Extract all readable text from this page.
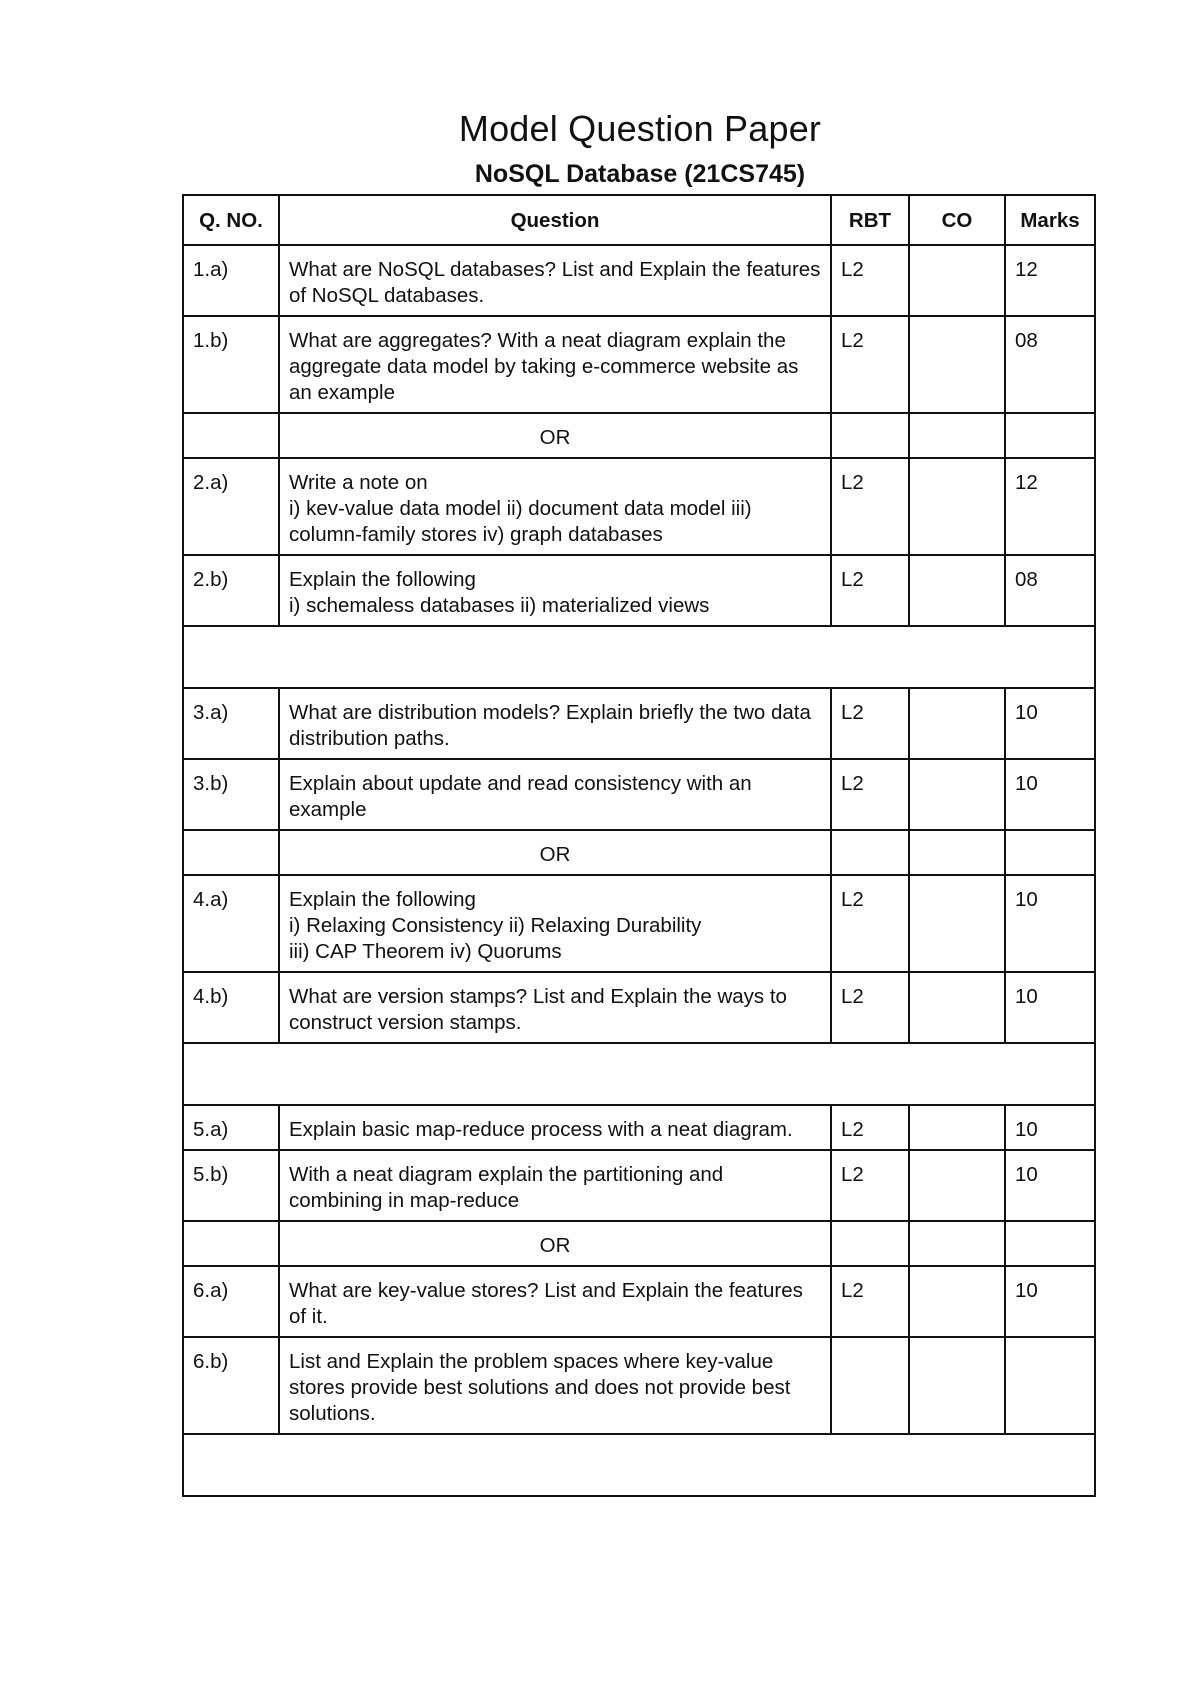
Model Question Paper
NoSQL Database (21CS745)
Q. NO.	Question	RBT	CO	Marks
1.a)	What are NoSQL databases? List and Explain the features of NoSQL databases.	L2		12
1.b)	What are aggregates? With a neat diagram explain the aggregate data model by taking e-commerce website as an example	L2		08
	OR			
2.a)	Write a note on
i) kev-value data model ii) document data model iii) column-family stores iv) graph databases	L2		12
2.b)	Explain the following
i) schemaless databases ii) materialized views	L2		08

3.a)	What are distribution models? Explain briefly the two data distribution paths.	L2		10
3.b)	Explain about update and read consistency with an example	L2		10
	OR			
4.a)	Explain the following
i) Relaxing Consistency ii) Relaxing Durability
iii) CAP Theorem iv) Quorums	L2		10
4.b)	What are version stamps? List and Explain the ways to construct version stamps.	L2		10

5.a)	Explain basic map-reduce process with a neat diagram.	L2		10
5.b)	With a neat diagram explain the partitioning and combining in map-reduce	L2		10
	OR			
6.a)	What are key-value stores? List and Explain the features of it.	L2		10
6.b)	List and Explain the problem spaces where key-value stores provide best solutions and does not provide best solutions.			
